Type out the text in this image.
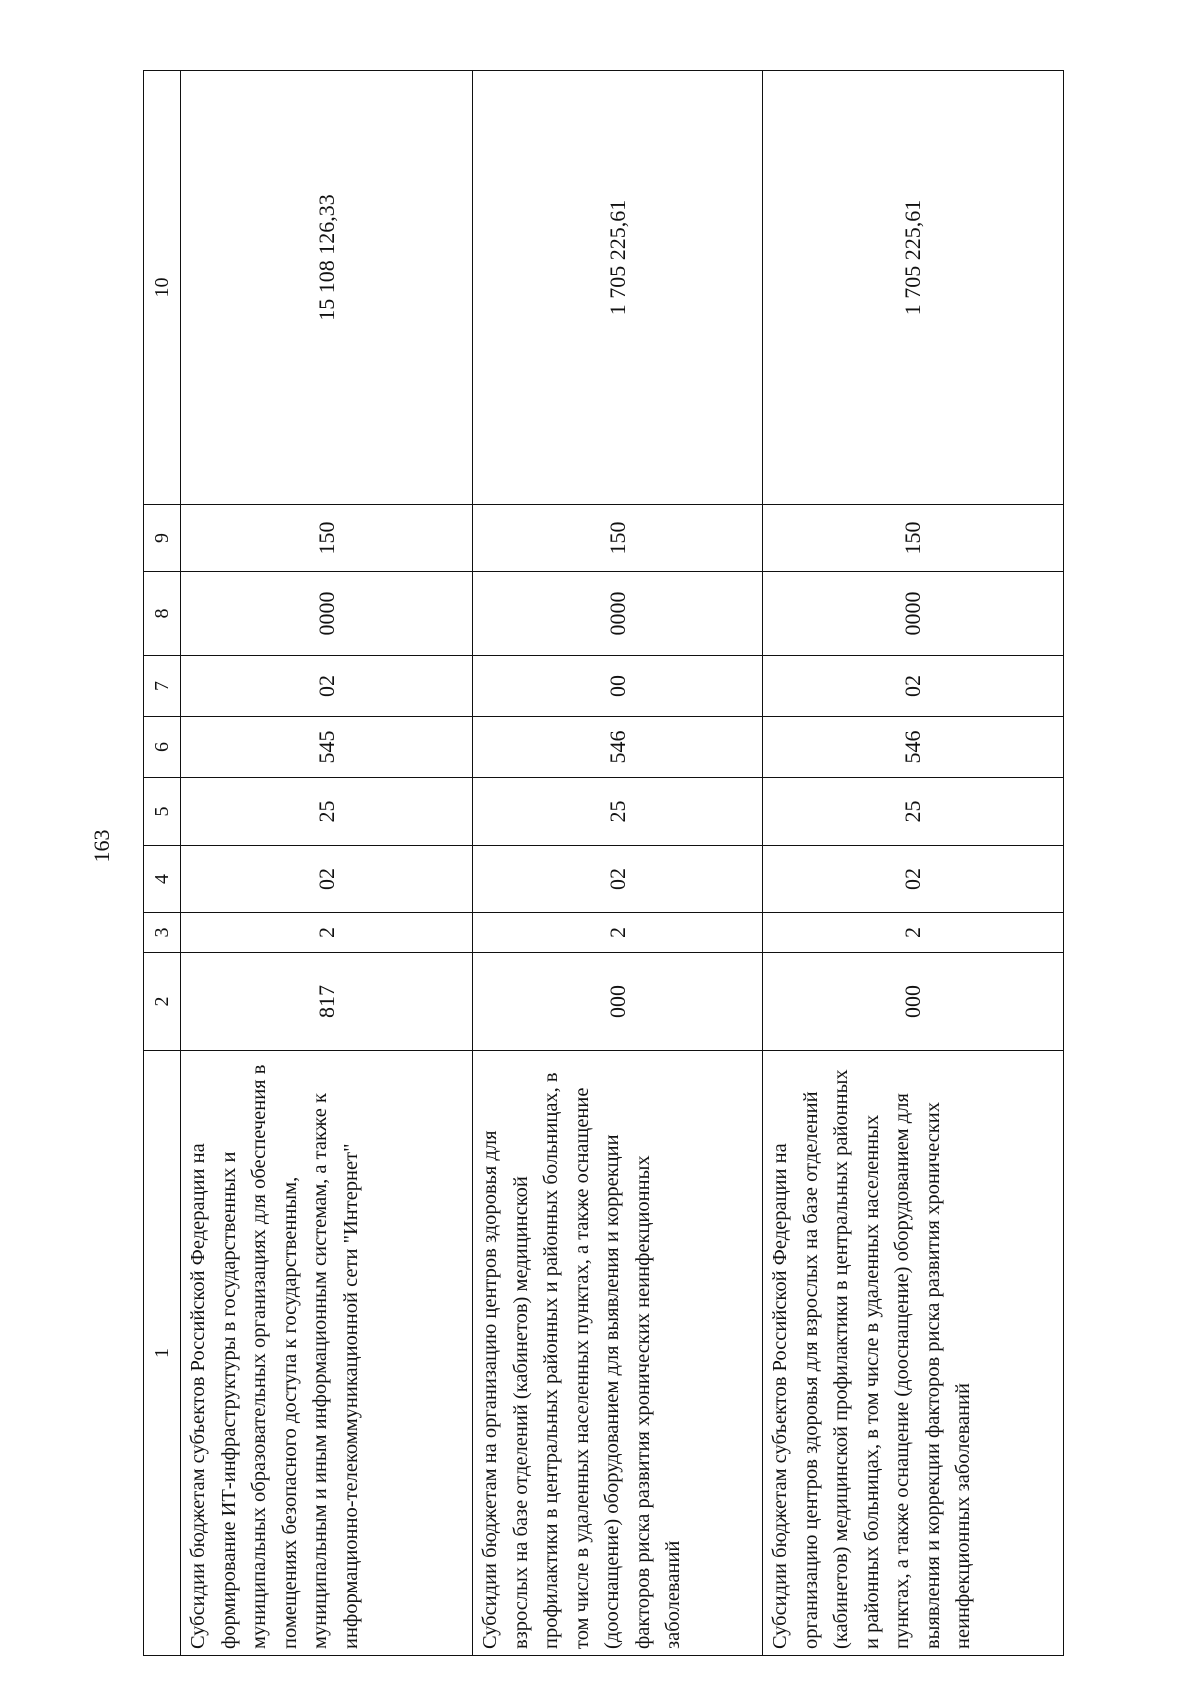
163
1	2	3	4	5	6	7	8	9	10
Субсидии бюджетам субъектов Российской Федерации на формирование ИТ-инфраструктуры в государственных и муниципальных образовательных организациях для обеспечения в помещениях безопасного доступа к государственным, муниципальным и иным информационным системам, а также к информационно-телекоммуникационной сети "Интернет"	817	2	02	25	545	02	0000	150	15 108 126,33
Субсидии бюджетам на организацию центров здоровья для взрослых на базе отделений (кабинетов) медицинской профилактики в центральных районных и районных больницах, в том числе в удаленных населенных пунктах, а также оснащение (дооснащение) оборудованием для выявления и коррекции факторов риска развития хронических неинфекционных заболеваний	000	2	02	25	546	00	0000	150	1 705 225,61
Субсидии бюджетам субъектов Российской Федерации на организацию центров здоровья для взрослых на базе отделений (кабинетов) медицинской профилактики в центральных районных и районных больницах, в том числе в удаленных населенных пунктах, а также оснащение (дооснащение) оборудованием для выявления и коррекции факторов риска развития хронических неинфекционных заболеваний	000	2	02	25	546	02	0000	150	1 705 225,61
